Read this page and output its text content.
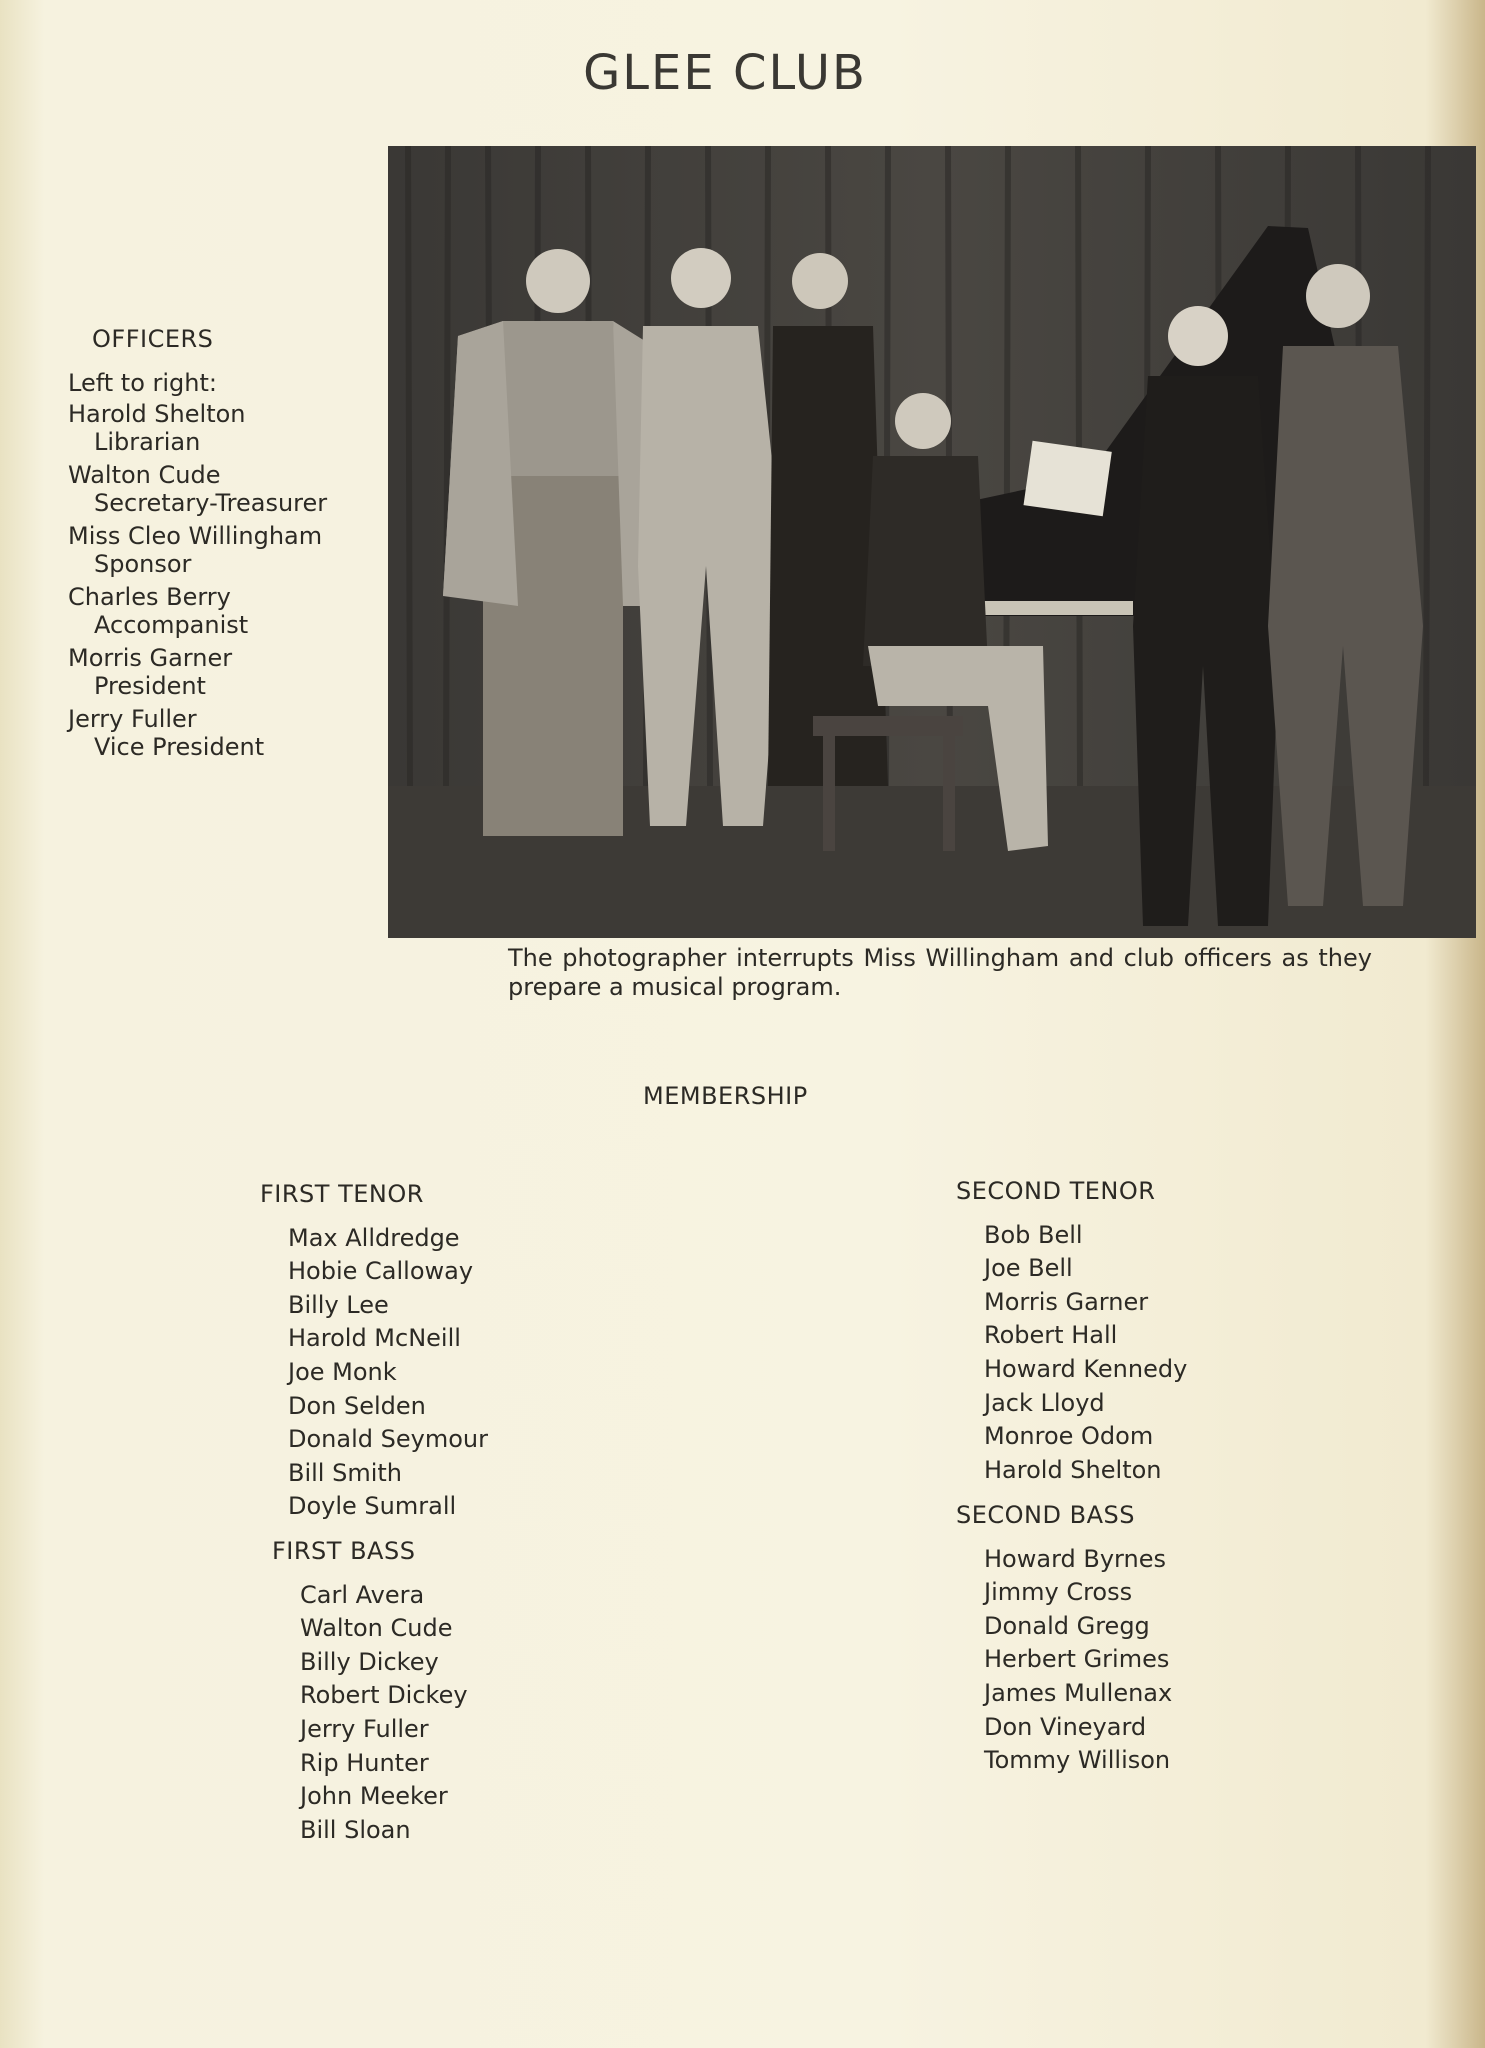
GLEE CLUB
OFFICERS
Left to right:
Harold Shelton
Librarian
Walton Cude
Secretary-Treasurer
Miss Cleo Willingham
Sponsor
Charles Berry
Accompanist
Morris Garner
President
Jerry Fuller
Vice President
The photographer interrupts Miss Willingham and club officers as they prepare a musical program.
MEMBERSHIP
FIRST TENOR
Max Alldredge
Hobie Calloway
Billy Lee
Harold McNeill
Joe Monk
Don Selden
Donald Seymour
Bill Smith
Doyle Sumrall
FIRST BASS
Carl Avera
Walton Cude
Billy Dickey
Robert Dickey
Jerry Fuller
Rip Hunter
John Meeker
Bill Sloan
SECOND TENOR
Bob Bell
Joe Bell
Morris Garner
Robert Hall
Howard Kennedy
Jack Lloyd
Monroe Odom
Harold Shelton
SECOND BASS
Howard Byrnes
Jimmy Cross
Donald Gregg
Herbert Grimes
James Mullenax
Don Vineyard
Tommy Willison
